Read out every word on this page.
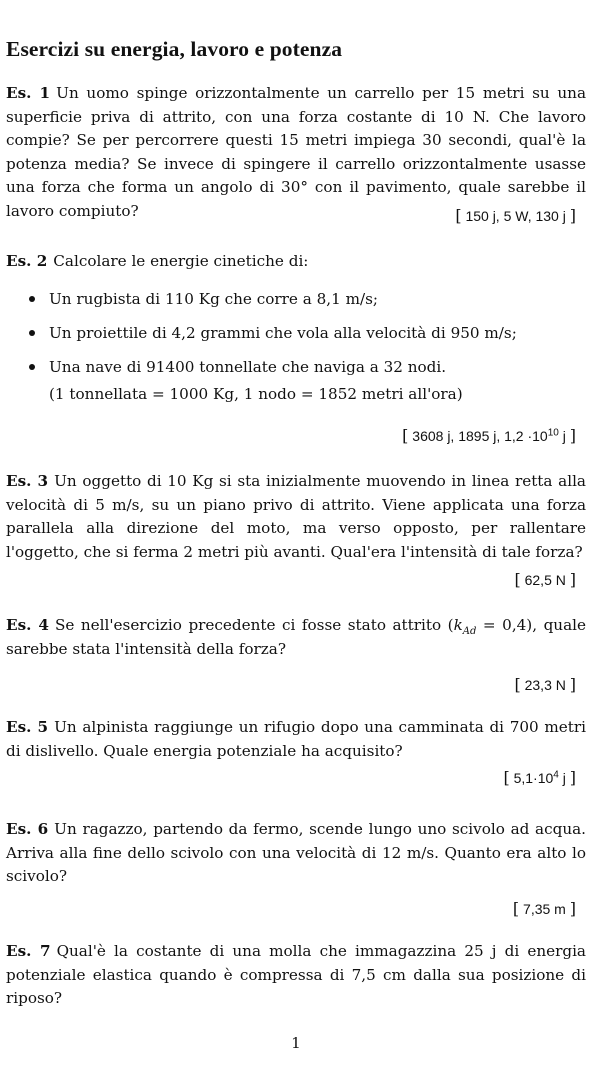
Esercizi su energia, lavoro e potenza
Es. 1 Un uomo spinge orizzontalmente un carrello per 15 metri su una superficie priva di attrito, con una forza costante di 10 N. Che lavoro compie? Se per percorrere questi 15 metri impiega 30 secondi, qual'è la potenza media? Se invece di spingere il carrello orizzontalmente usasse una forza che forma un angolo di 30° con il pavimento, quale sarebbe il lavoro compiuto?	[ 150 j, 5 W, 130 j ]
Es. 2 Calcolare le energie cinetiche di:
Un rugbista di 110 Kg che corre a 8,1 m/s;
Un proiettile di 4,2 grammi che vola alla velocità di 950 m/s;
Una nave di 91400 tonnellate che naviga a 32 nodi.
(1 tonnellata = 1000 Kg, 1 nodo = 1852 metri all'ora)
[ 3608 j, 1895 j, $1,2 \cdot 10^{10}$ j ]
Es. 3 Un oggetto di 10 Kg si sta inizialmente muovendo in linea retta alla velocità di 5 m/s, su un piano privo di attrito. Viene applicata una forza parallela alla direzione del moto, ma verso opposto, per rallentare l'oggetto, che si ferma 2 metri più avanti. Qual'era l'intensità di tale forza?
[ 62,5 N ]
Es. 4 Se nell'esercizio precedente ci fosse stato attrito $(k_{Ad} = 0,4)$, quale sarebbe stata l'intensità della forza?
[ 23,3 N ]
Es. 5 Un alpinista raggiunge un rifugio dopo una camminata di 700 metri di dislivello. Quale energia potenziale ha acquisito?
[ $5,1\cdot 10^4$ j ]
Es. 6 Un ragazzo, partendo da fermo, scende lungo uno scivolo ad acqua. Arriva alla fine dello scivolo con una velocità di 12 m/s. Quanto era alto lo scivolo?
[ 7,35 m ]
Es. 7 Qual'è la costante di una molla che immagazzina 25 j di energia potenziale elastica quando è compressa di 7,5 cm dalla sua posizione di riposo?
1
